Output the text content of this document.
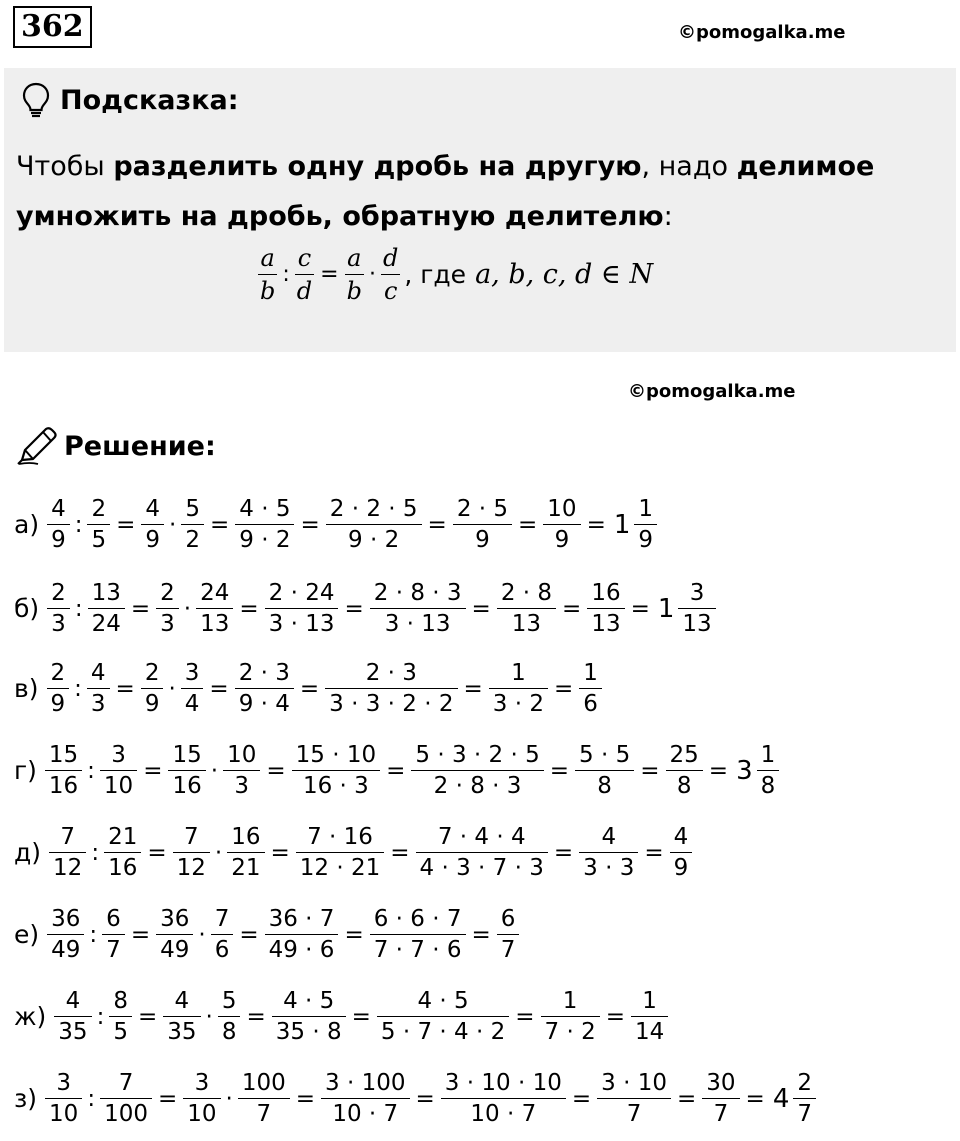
362	©pomogalka.me
Подсказка:
Чтобы разделить одну дробь на другую, надо делимое умножить на дробь, обратную делителю:
$\frac{a}{b}$ : $\frac{c}{d} = \frac{a}{b} \cdot \frac{d}{c}$ , где a, b, c, d ∈ N
©pomogalka.me
Решение:
$а) \frac{4}{9}$ : $\frac{2}{5} = \frac{4}{9} \cdot \frac{5}{2} = \frac{4 \cdot 5}{9 \cdot 2} = \frac{2 \cdot 2 \cdot 5}{9 \cdot 2} = \frac{2 \cdot 5}{9} = \frac{10}{9} = 1 \frac{1}{9}$
$б) \frac{2}{3}$ : $\frac{13}{24} = \frac{2}{3} \cdot \frac{24}{13} = \frac{2 \cdot 24}{3 \cdot 13} = \frac{2 \cdot 8 \cdot 3}{3 \cdot 13} = \frac{2 \cdot 8}{13} = \frac{16}{13} = 1 \frac{3}{13}$
$в) \frac{2}{9}$ : $\frac{4}{3} = \frac{2}{9} \cdot \frac{3}{4} = \frac{2 \cdot 3}{9 \cdot 4} = \frac{2 \cdot 3}{3 \cdot 3 \cdot 2 \cdot 2} = \frac{1}{3 \cdot 2} = \frac{1}{6}$
$г) \frac{15}{16}$ : $\frac{3}{10} = \frac{15}{16} \cdot \frac{10}{3} = \frac{15 \cdot 10}{16 \cdot 3} = \frac{5 \cdot 3 \cdot 2 \cdot 5}{2 \cdot 8 \cdot 3} = \frac{5 \cdot 5}{8} = \frac{25}{8} = 3 \frac{1}{8}$
$д) \frac{7}{12}$ : $\frac{21}{16} = \frac{7}{12} \cdot \frac{16}{21} = \frac{7 \cdot 16}{12 \cdot 21} = \frac{7 \cdot 4 \cdot 4}{4 \cdot 3 \cdot 7 \cdot 3} = \frac{4}{3 \cdot 3} = \frac{4}{9}$
$е) \frac{36}{49}$ : $\frac{6}{7} = \frac{36}{49} \cdot \frac{7}{6} = \frac{36 \cdot 7}{49 \cdot 6} = \frac{6 \cdot 6 \cdot 7}{7 \cdot 7 \cdot 6} = \frac{6}{7}$
$ж) \frac{4}{35}$ : $\frac{8}{5} = \frac{4}{35} \cdot \frac{5}{8} = \frac{4 \cdot 5}{35 \cdot 8} = \frac{4 \cdot 5}{5 \cdot 7 \cdot 4 \cdot 2} = \frac{1}{7 \cdot 2} = \frac{1}{14}$
$з) \frac{3}{10}$ : $\frac{7}{100} = \frac{3}{10} \cdot \frac{100}{7} = \frac{3 \cdot 100}{10 \cdot 7} = \frac{3 \cdot 10 \cdot 10}{10 \cdot 7} = \frac{3 \cdot 10}{7} = \frac{30}{7} = 4 \frac{2}{7}$
